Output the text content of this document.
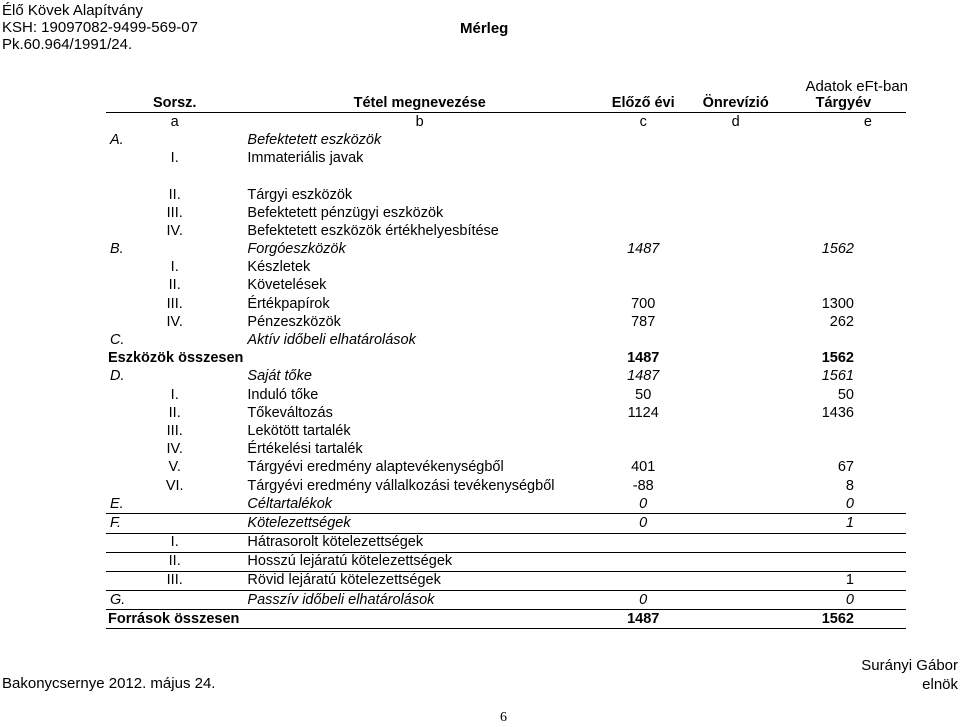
Élő Kövek Alapítvány
KSH: 19097082-9499-569-07
Pk.60.964/1991/24.
Mérleg
Adatok eFt-ban
Sorsz.	Tétel megnevezése	Előző évi	Önrevízió	Tárgyév
a	b	c	d	e
A.	Befektetett eszközök			
I.	Immateriális javak			

II.	Tárgyi eszközök			
III.	Befektetett pénzügyi eszközök			
IV.	Befektetett eszközök értékhelyesbítése			
B.	Forgóeszközök	1487		1562
I.	Készletek			
II.	Követelések			
III.	Értékpapírok	700		1300
IV.	Pénzeszközök	787		262
C.	Aktív időbeli elhatárolások			
Eszközök összesen		1487		1562
D.	Saját tőke	1487		1561
I.	Induló tőke	50		50
II.	Tőkeváltozás	1124		1436
III.	Lekötött tartalék			
IV.	Értékelési tartalék			
V.	Tárgyévi eredmény alaptevékenységből	401		67
VI.	Tárgyévi eredmény vállalkozási tevékenységből	-88		8
E.	Céltartalékok	0		0
F.	Kötelezettségek	0		1
I.	Hátrasorolt kötelezettségek			
II.	Hosszú lejáratú kötelezettségek			
III.	Rövid lejáratú kötelezettségek			1
G.	Passzív időbeli elhatárolások	0		0
Források összesen		1487		1562
Bakonycsernye 2012. május 24.
Surányi Gábor
elnök
6
